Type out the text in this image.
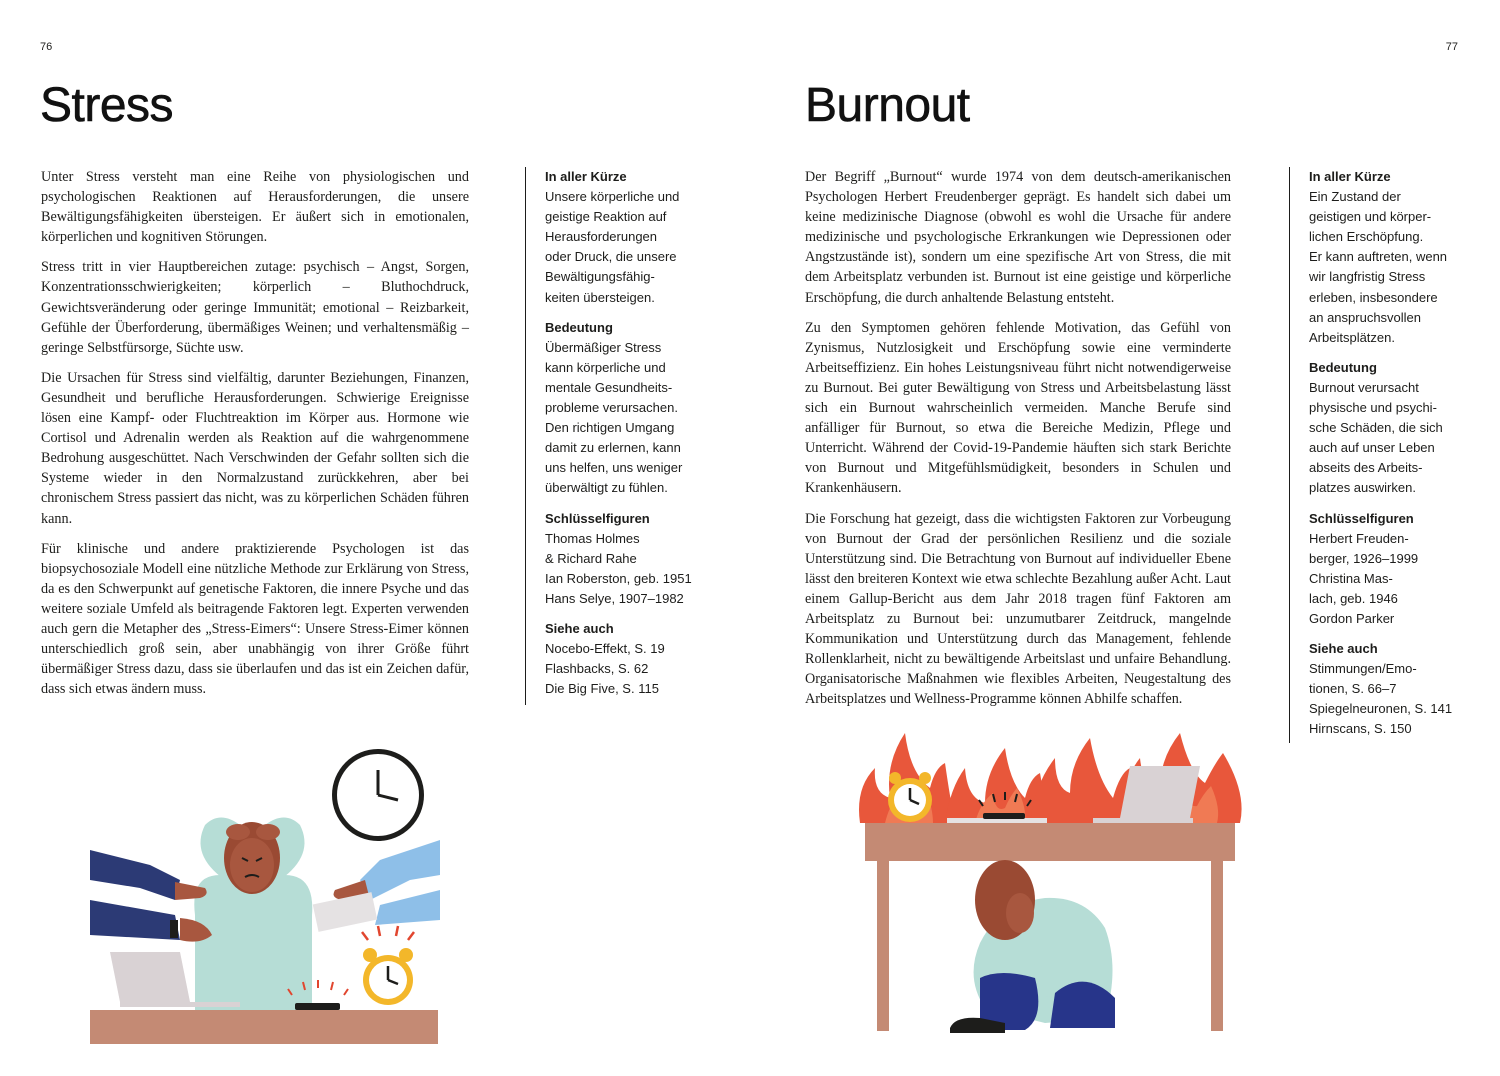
76
Stress

Unter Stress versteht man eine Reihe von physiologischen und psychologischen Reaktionen auf Herausforderungen, die unsere Bewältigungsfähigkeiten übersteigen. Er äußert sich in emotionalen, körperlichen und kognitiven Störungen.

Stress tritt in vier Hauptbereichen zutage: psychisch – Angst, Sorgen, Konzentrationsschwierigkeiten; körperlich – Bluthochdruck, Gewichtsveränderung oder geringe Immunität; emotional – Reizbarkeit, Gefühle der Überforderung, übermäßiges Weinen; und verhaltensmäßig – geringe Selbstfürsorge, Süchte usw.

Die Ursachen für Stress sind vielfältig, darunter Beziehungen, Finanzen, Gesundheit und berufliche Herausforderungen. Schwierige Ereignisse lösen eine Kampf- oder Fluchtreaktion im Körper aus. Hormone wie Cortisol und Adrenalin werden als Reaktion auf die wahrgenommene Bedrohung ausgeschüttet. Nach Verschwinden der Gefahr sollten sich die Systeme wieder in den Normalzustand zurückkehren, aber bei chronischem Stress passiert das nicht, was zu körperlichen Schäden führen kann.

Für klinische und andere praktizierende Psychologen ist das biopsychosoziale Modell eine nützliche Methode zur Erklärung von Stress, da es den Schwerpunkt auf genetische Faktoren, die innere Psyche und das weitere soziale Umfeld als beitragende Faktoren legt. Experten verwenden auch gern die Metapher des „Stress-Eimers“: Unsere Stress-Eimer können unterschiedlich groß sein, aber unabhängig von ihrer Größe führt übermäßiger Stress dazu, dass sie überlaufen und das ist ein Zeichen dafür, dass sich etwas ändern muss.

In aller Kürze
Unsere körperliche und
geistige Reaktion auf
Herausforderungen
oder Druck, die unsere
Bewältigungsfähig-
keiten übersteigen.
Bedeutung
Übermäßiger Stress
kann körperliche und
mentale Gesundheits-
probleme verursachen.
Den richtigen Umgang
damit zu erlernen, kann
uns helfen, uns weniger
überwältigt zu fühlen.
Schlüsselfiguren
Thomas Holmes
& Richard Rahe
Ian Roberston, geb. 1951
Hans Selye, 1907–1982
Siehe auch
Nocebo-Effekt, S. 19
Flashbacks, S. 62
Die Big Five, S. 115
77
Burnout

Der Begriff „Burnout“ wurde 1974 von dem deutsch-amerikanischen Psychologen Herbert Freudenberger geprägt. Es handelt sich dabei um keine medizinische Diagnose (obwohl es wohl die Ursache für andere medizinische und psychologische Erkrankungen wie Depressionen oder Angstzustände ist), sondern um eine spezifische Art von Stress, die mit dem Arbeitsplatz verbunden ist. Burnout ist eine geistige und körperliche Erschöpfung, die durch anhaltende Belastung entsteht.

Zu den Symptomen gehören fehlende Motivation, das Gefühl von Zynismus, Nutzlosigkeit und Erschöpfung sowie eine verminderte Arbeitseffizienz. Ein hohes Leistungsniveau führt nicht notwendigerweise zu Burnout. Bei guter Bewältigung von Stress und Arbeitsbelastung lässt sich ein Burnout wahrscheinlich vermeiden. Manche Berufe sind anfälliger für Burnout, so etwa die Bereiche Medizin, Pflege und Unterricht. Während der Covid-19-Pandemie häuften sich stark Berichte von Burnout und Mitgefühlsmüdigkeit, besonders in Schulen und Krankenhäusern.

Die Forschung hat gezeigt, dass die wichtigsten Faktoren zur Vorbeugung von Burnout der Grad der persönlichen Resilienz und die soziale Unterstützung sind. Die Betrachtung von Burnout auf individueller Ebene lässt den breiteren Kontext wie etwa schlechte Bezahlung außer Acht. Laut einem Gallup-Bericht aus dem Jahr 2018 tragen fünf Faktoren am Arbeitsplatz zu Burnout bei: unzumutbarer Zeitdruck, mangelnde Kommunikation und Unterstützung durch das Management, fehlende Rollenklarheit, nicht zu bewältigende Arbeitslast und unfaire Behandlung. Organisatorische Maßnahmen wie flexibles Arbeiten, Neugestaltung des Arbeitsplatzes und Wellness-Programme können Abhilfe schaffen.

In aller Kürze
Ein Zustand der
geistigen und körper-
lichen Erschöpfung.
Er kann auftreten, wenn
wir langfristig Stress
erleben, insbesondere
an anspruchsvollen
Arbeitsplätzen.
Bedeutung
Burnout verursacht
physische und psychi-
sche Schäden, die sich
auch auf unser Leben
abseits des Arbeits-
platzes auswirken.
Schlüsselfiguren
Herbert Freuden-
berger, 1926–1999
Christina Mas-
lach, geb. 1946
Gordon Parker
Siehe auch
Stimmungen/Emo-
tionen, S. 66–7
Spiegelneuronen, S. 141
Hirnscans, S. 150
